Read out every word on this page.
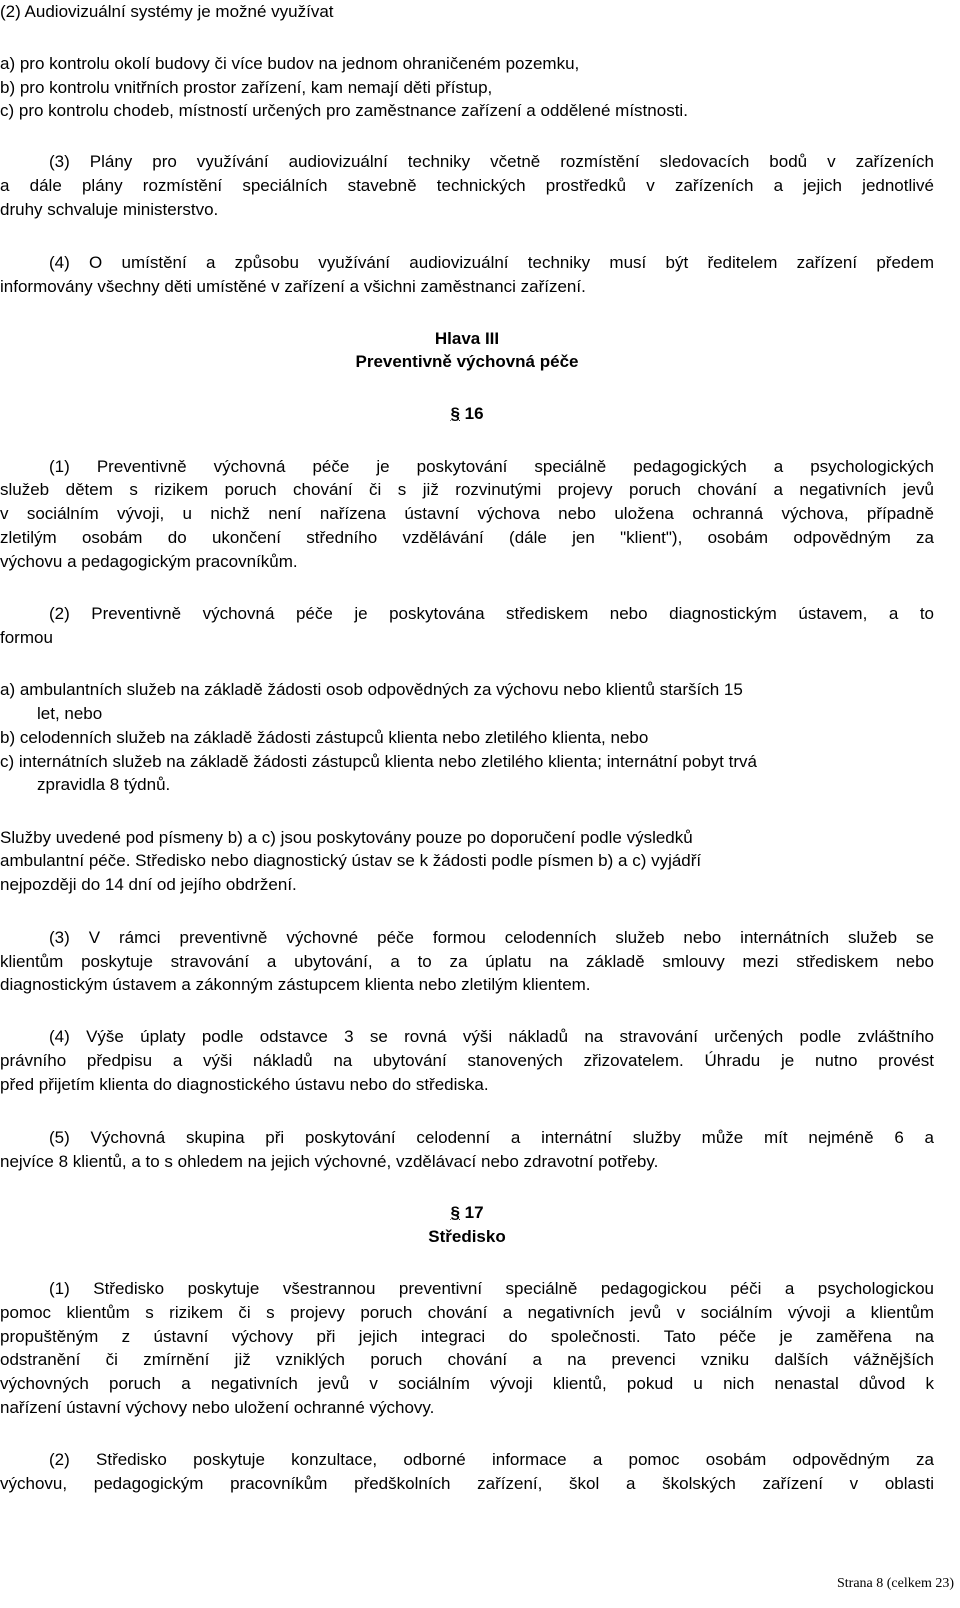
(2) Audiovizuální systémy je možné využívat
a) pro kontrolu okolí budovy či více budov na jednom ohraničeném pozemku,
b) pro kontrolu vnitřních prostor zařízení, kam nemají děti přístup,
c) pro kontrolu chodeb, místností určených pro zaměstnance zařízení a oddělené místnosti.
(3) Plány pro využívání audiovizuální techniky včetně rozmístění sledovacích bodů v zařízeních
a dále plány rozmístění speciálních stavebně technických prostředků v zařízeních a jejich jednotlivé
druhy schvaluje ministerstvo.
(4) O umístění a způsobu využívání audiovizuální techniky musí být ředitelem zařízení předem
informovány všechny děti umístěné v zařízení a všichni zaměstnanci zařízení.
Hlava III
Preventivně výchovná péče
§ 16
(1) Preventivně výchovná péče je poskytování speciálně pedagogických a psychologických
služeb dětem s rizikem poruch chování či s již rozvinutými projevy poruch chování a negativních jevů
v sociálním vývoji, u nichž není nařízena ústavní výchova nebo uložena ochranná výchova, případně
zletilým osobám do ukončení středního vzdělávání (dále jen "klient"), osobám odpovědným za
výchovu a pedagogickým pracovníkům.
(2) Preventivně výchovná péče je poskytována střediskem nebo diagnostickým ústavem, a to
formou
a) ambulantních služeb na základě žádosti osob odpovědných za výchovu nebo klientů starších 15
let, nebo
b) celodenních služeb na základě žádosti zástupců klienta nebo zletilého klienta, nebo
c) internátních služeb na základě žádosti zástupců klienta nebo zletilého klienta; internátní pobyt trvá
zpravidla 8 týdnů.
Služby uvedené pod písmeny b) a c) jsou poskytovány pouze po doporučení podle výsledků
ambulantní péče. Středisko nebo diagnostický ústav se k žádosti podle písmen b) a c) vyjádří
nejpozději do 14 dní od jejího obdržení.
(3) V rámci preventivně výchovné péče formou celodenních služeb nebo internátních služeb se
klientům poskytuje stravování a ubytování, a to za úplatu na základě smlouvy mezi střediskem nebo
diagnostickým ústavem a zákonným zástupcem klienta nebo zletilým klientem.
(4) Výše úplaty podle odstavce 3 se rovná výši nákladů na stravování určených podle zvláštního
právního předpisu a výši nákladů na ubytování stanovených zřizovatelem. Úhradu je nutno provést
před přijetím klienta do diagnostického ústavu nebo do střediska.
(5) Výchovná skupina při poskytování celodenní a internátní služby může mít nejméně 6 a
nejvíce 8 klientů, a to s ohledem na jejich výchovné, vzdělávací nebo zdravotní potřeby.
§ 17
Středisko
(1) Středisko poskytuje všestrannou preventivní speciálně pedagogickou péči a psychologickou
pomoc klientům s rizikem či s projevy poruch chování a negativních jevů v sociálním vývoji a klientům
propuštěným z ústavní výchovy při jejich integraci do společnosti. Tato péče je zaměřena na
odstranění či zmírnění již vzniklých poruch chování a na prevenci vzniku dalších vážnějších
výchovných poruch a negativních jevů v sociálním vývoji klientů, pokud u nich nenastal důvod k
nařízení ústavní výchovy nebo uložení ochranné výchovy.
(2) Středisko poskytuje konzultace, odborné informace a pomoc osobám odpovědným za
výchovu, pedagogickým pracovníkům předškolních zařízení, škol a školských zařízení v oblasti
Strana 8 (celkem 23)
